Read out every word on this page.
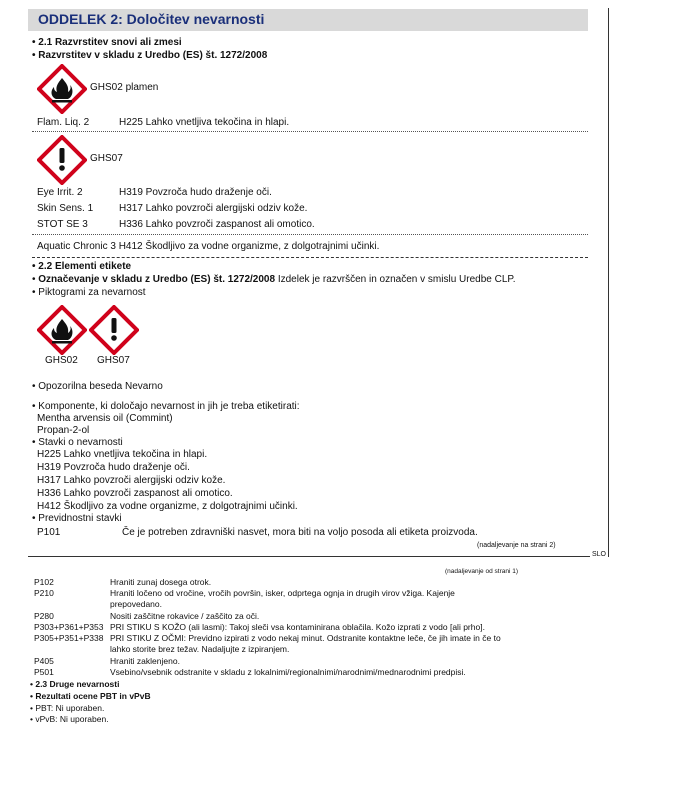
ODDELEK 2: Določitev nevarnosti
• 2.1 Razvrstitev snovi ali zmesi
• Razvrstitev v skladu z Uredbo (ES) št. 1272/2008
GHS02 plamen
Flam. Liq. 2	H225 Lahko vnetljiva tekočina in hlapi.
GHS07
Eye Irrit. 2	H319 Povzroča hudo draženje oči.
Skin Sens. 1	H317 Lahko povzroči alergijski odziv kože.
STOT SE 3	H336 Lahko povzroči zaspanost ali omotico.
Aquatic Chronic 3 H412 Škodljivo za vodne organizme, z dolgotrajnimi učinki.
• 2.2 Elementi etikete
• Označevanje v skladu z Uredbo (ES) št. 1272/2008 Izdelek je razvrščen in označen v smislu Uredbe CLP.
• Piktogrami za nevarnost
GHS02 GHS07
• Opozorilna beseda Nevarno
• Komponente, ki določajo nevarnost in jih je treba etiketirati:
Mentha arvensis oil (Commint)
Propan-2-ol
• Stavki o nevarnosti
H225 Lahko vnetljiva tekočina in hlapi.
H319 Povzroča hudo draženje oči.
H317 Lahko povzroči alergijski odziv kože.
H336 Lahko povzroči zaspanost ali omotico.
H412 Škodljivo za vodne organizme, z dolgotrajnimi učinki.
• Previdnostni stavki
P101	Če je potreben zdravniški nasvet, mora biti na voljo posoda ali etiketa proizvoda.
(nadaljevanje na strani 2)
SLO
(nadaljevanje od strani 1)
P102	Hraniti zunaj dosega otrok.
P210	Hraniti ločeno od vročine, vročih površin, isker, odprtega ognja in drugih virov vžiga. Kajenje
prepovedano.
P280	Nositi zaščitne rokavice / zaščito za oči.
P303+P361+P353 PRI STIKU S KOŽO (ali lasmi): Takoj sleči vsa kontaminirana oblačila. Kožo izprati z vodo [ali prho].
P305+P351+P338 PRI STIKU Z OČMI: Previdno izpirati z vodo nekaj minut. Odstranite kontaktne leče, če jih imate in če to
lahko storite brez težav. Nadaljujte z izpiranjem.
P405	Hraniti zaklenjeno.
P501	Vsebino/vsebnik odstranite v skladu z lokalnimi/regionalnimi/narodnimi/mednarodnimi predpisi.
• 2.3 Druge nevarnosti
• Rezultati ocene PBT in vPvB
• PBT: Ni uporaben.
• vPvB: Ni uporaben.
